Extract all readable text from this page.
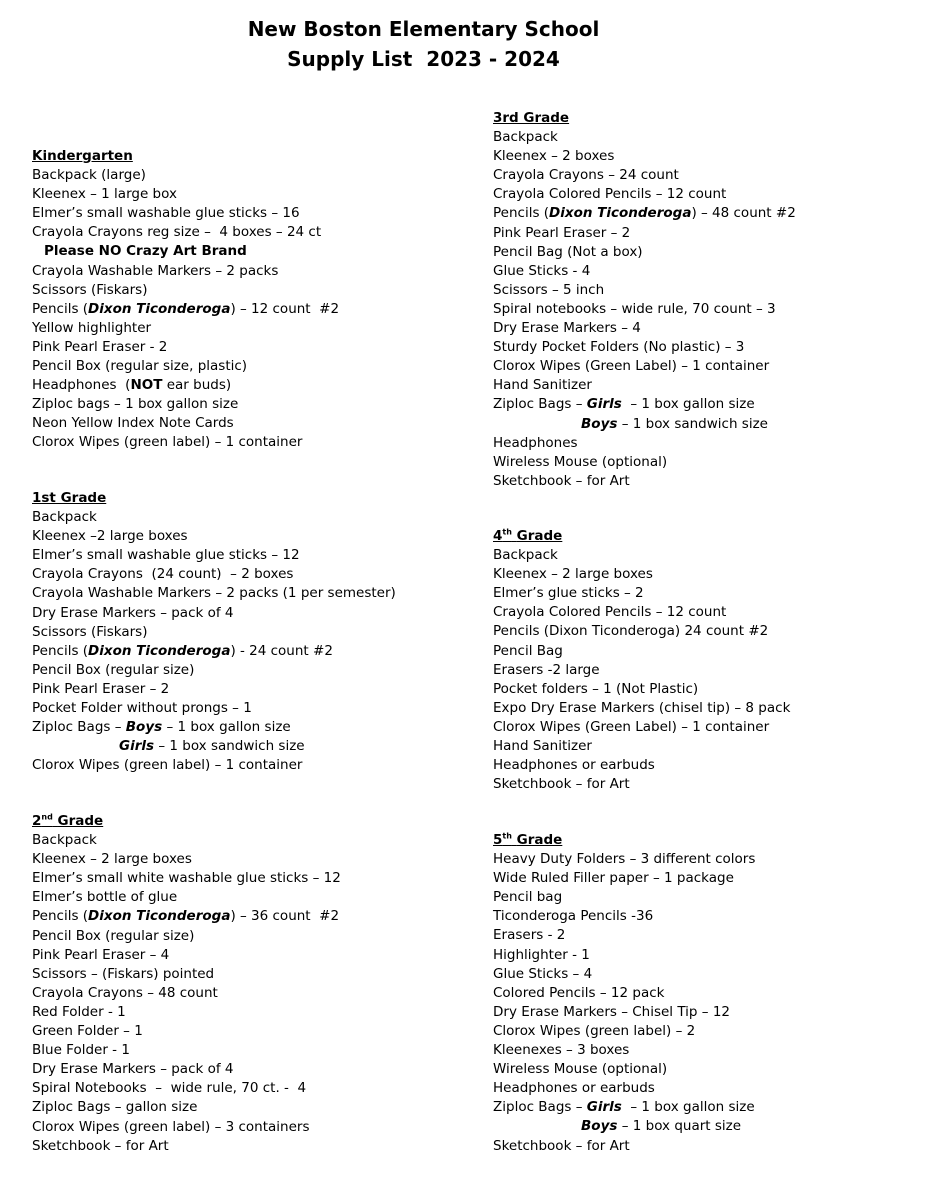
New Boston Elementary School
Supply List  2023 - 2024
Kindergarten
Backpack (large)
Kleenex – 1 large box
Elmer’s small washable glue sticks – 16
Crayola Crayons reg size –  4 boxes – 24 ct
Please NO Crazy Art Brand
Crayola Washable Markers – 2 packs
Scissors (Fiskars)
Pencils (Dixon Ticonderoga) – 12 count  #2
Yellow highlighter
Pink Pearl Eraser - 2
Pencil Box (regular size, plastic)
Headphones  (NOT ear buds)
Ziploc bags – 1 box gallon size
Neon Yellow Index Note Cards
Clorox Wipes (green label) – 1 container
1st Grade
Backpack
Kleenex –2 large boxes
Elmer’s small washable glue sticks – 12
Crayola Crayons  (24 count)  – 2 boxes
Crayola Washable Markers – 2 packs (1 per semester)
Dry Erase Markers – pack of 4
Scissors (Fiskars)
Pencils (Dixon Ticonderoga) - 24 count #2
Pencil Box (regular size)
Pink Pearl Eraser – 2
Pocket Folder without prongs – 1
Ziploc Bags – Boys – 1 box gallon size
Girls – 1 box sandwich size
Clorox Wipes (green label) – 1 container
2nd Grade
Backpack
Kleenex – 2 large boxes
Elmer’s small white washable glue sticks – 12
Elmer’s bottle of glue
Pencils (Dixon Ticonderoga) – 36 count  #2
Pencil Box (regular size)
Pink Pearl Eraser – 4
Scissors – (Fiskars) pointed
Crayola Crayons – 48 count
Red Folder - 1
Green Folder – 1
Blue Folder - 1
Dry Erase Markers – pack of 4
Spiral Notebooks  –  wide rule, 70 ct. -  4
Ziploc Bags – gallon size
Clorox Wipes (green label) – 3 containers
Sketchbook – for Art
3rd Grade
Backpack
Kleenex – 2 boxes
Crayola Crayons – 24 count
Crayola Colored Pencils – 12 count
Pencils (Dixon Ticonderoga) – 48 count #2
Pink Pearl Eraser – 2
Pencil Bag (Not a box)
Glue Sticks - 4
Scissors – 5 inch
Spiral notebooks – wide rule, 70 count – 3
Dry Erase Markers – 4
Sturdy Pocket Folders (No plastic) – 3
Clorox Wipes (Green Label) – 1 container
Hand Sanitizer
Ziploc Bags – Girls  – 1 box gallon size
Boys – 1 box sandwich size
Headphones
Wireless Mouse (optional)
Sketchbook – for Art
4th Grade
Backpack
Kleenex – 2 large boxes
Elmer’s glue sticks – 2
Crayola Colored Pencils – 12 count
Pencils (Dixon Ticonderoga) 24 count #2
Pencil Bag
Erasers -2 large
Pocket folders – 1 (Not Plastic)
Expo Dry Erase Markers (chisel tip) – 8 pack
Clorox Wipes (Green Label) – 1 container
Hand Sanitizer
Headphones or earbuds
Sketchbook – for Art
5th Grade
Heavy Duty Folders – 3 different colors
Wide Ruled Filler paper – 1 package
Pencil bag
Ticonderoga Pencils -36
Erasers - 2
Highlighter - 1
Glue Sticks – 4
Colored Pencils – 12 pack
Dry Erase Markers – Chisel Tip – 12
Clorox Wipes (green label) – 2
Kleenexes – 3 boxes
Wireless Mouse (optional)
Headphones or earbuds
Ziploc Bags – Girls  – 1 box gallon size
Boys – 1 box quart size
Sketchbook – for Art
